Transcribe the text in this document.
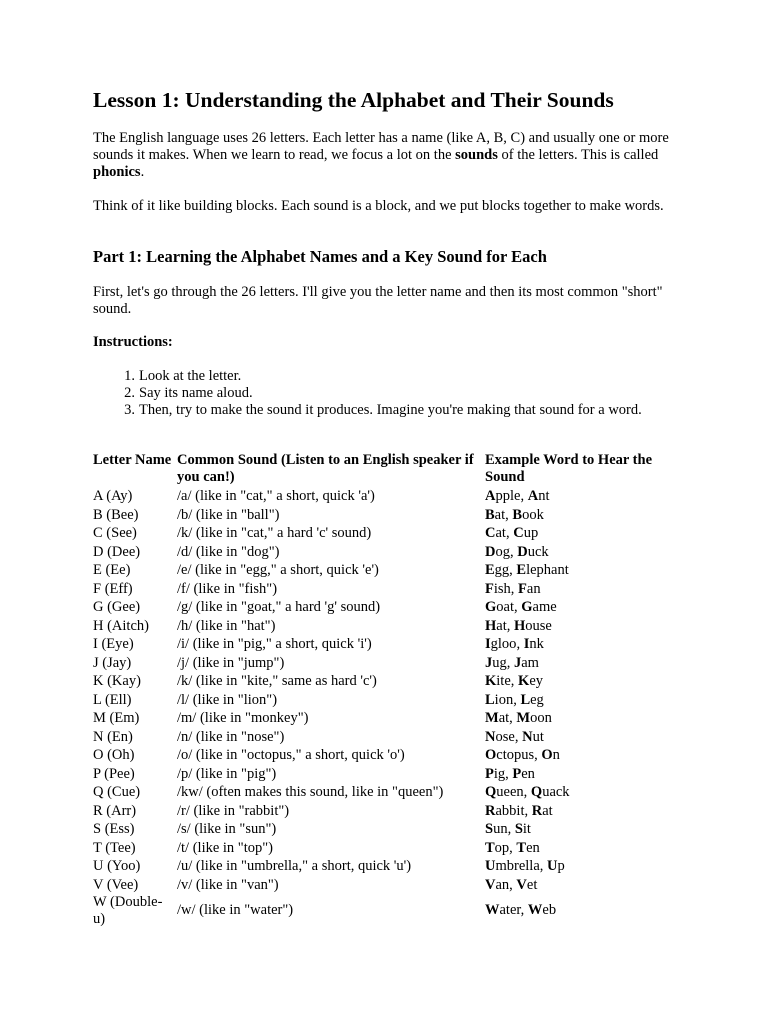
Lesson 1: Understanding the Alphabet and Their Sounds

The English language uses 26 letters. Each letter has a name (like A, B, C) and usually one or more sounds it makes. When we learn to read, we focus a lot on the sounds of the letters. This is called phonics.

Think of it like building blocks. Each sound is a block, and we put blocks together to make words.

Part 1: Learning the Alphabet Names and a Key Sound for Each

First, let's go through the 26 letters. I'll give you the letter name and then its most common "short" sound.

Instructions:

1. Look at the letter.
2. Say its name aloud.
3. Then, try to make the sound it produces. Imagine you're making that sound for a word.
Letter Name	Common Sound (Listen to an English speaker if you can!)	Example Word to Hear the Sound
A (Ay)	/a/ (like in "cat," a short, quick 'a')	Apple, Ant
B (Bee)	/b/ (like in "ball")	Bat, Book
C (See)	/k/ (like in "cat," a hard 'c' sound)	Cat, Cup
D (Dee)	/d/ (like in "dog")	Dog, Duck
E (Ee)	/e/ (like in "egg," a short, quick 'e')	Egg, Elephant
F (Eff)	/f/ (like in "fish")	Fish, Fan
G (Gee)	/g/ (like in "goat," a hard 'g' sound)	Goat, Game
H (Aitch)	/h/ (like in "hat")	Hat, House
I (Eye)	/i/ (like in "pig," a short, quick 'i')	Igloo, Ink
J (Jay)	/j/ (like in "jump")	Jug, Jam
K (Kay)	/k/ (like in "kite," same as hard 'c')	Kite, Key
L (Ell)	/l/ (like in "lion")	Lion, Leg
M (Em)	/m/ (like in "monkey")	Mat, Moon
N (En)	/n/ (like in "nose")	Nose, Nut
O (Oh)	/o/ (like in "octopus," a short, quick 'o')	Octopus, On
P (Pee)	/p/ (like in "pig")	Pig, Pen
Q (Cue)	/kw/ (often makes this sound, like in "queen")	Queen, Quack
R (Arr)	/r/ (like in "rabbit")	Rabbit, Rat
S (Ess)	/s/ (like in "sun")	Sun, Sit
T (Tee)	/t/ (like in "top")	Top, Ten
U (Yoo)	/u/ (like in "umbrella," a short, quick 'u')	Umbrella, Up
V (Vee)	/v/ (like in "van")	Van, Vet
W (Double-u)	/w/ (like in "water")	Water, Web
